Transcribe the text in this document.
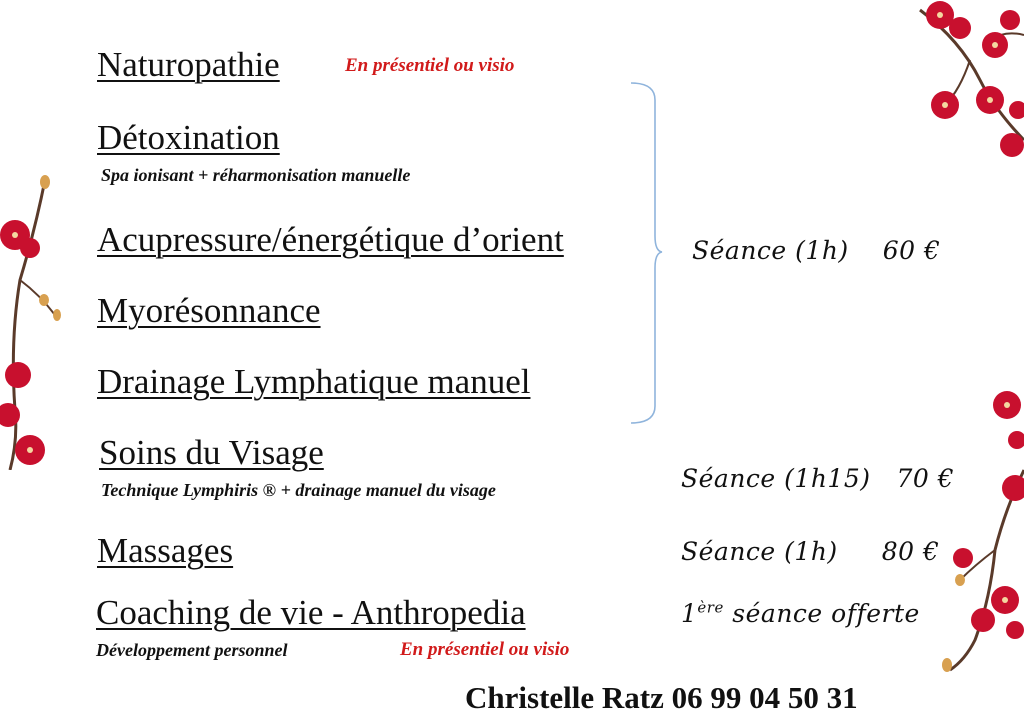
Naturopathie	En présentiel ou visio
Détoxination
Spa ionisant + réharmonisation manuelle
Acupressure/énergétique d’orient
Myorésonnance
Drainage Lymphatique manuel
Soins du Visage
Technique Lymphiris ® + drainage manuel du visage
Massages
Coaching de vie - Anthropedia
Développement personnel	En présentiel ou visio
Séance (1h) 60 €
Séance (1h15) 70 €
Séance (1h) 80 €
1ère séance offerte
Christelle Ratz 06 99 04 50 31
